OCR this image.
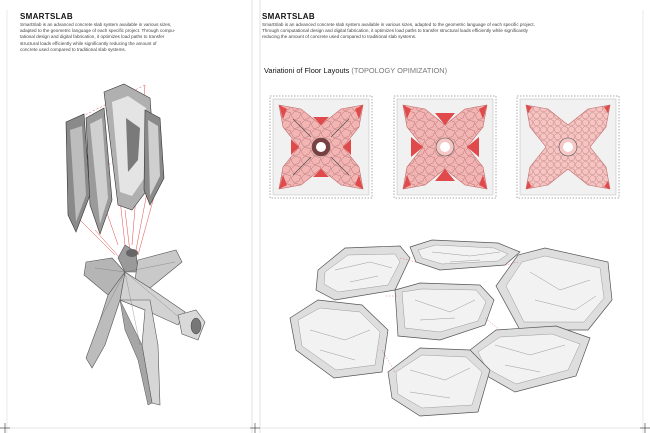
SMARTSLAB
SmartSlab is an advanced concrete slab system available in various sizes,
adapted to the geometric language of each specific project. Through compu-
tational design and digital fabrication, it optimizes load paths to transfer
structural loads efficiently while significantly reducing the amount of
concrete used compared to traditional slab systems.
SMARTSLAB
SmartSlab is an advanced concrete slab system available in various sizes, adapted to the geometric language of each specific project.
Through computational design and digital fabrication, it optimizes load paths to transfer structural loads efficiently while significantly
reducing the amount of concrete used compared to traditional slab systems.
Variationi of Floor Layouts (TOPOLOGY OPIMIZATION)
